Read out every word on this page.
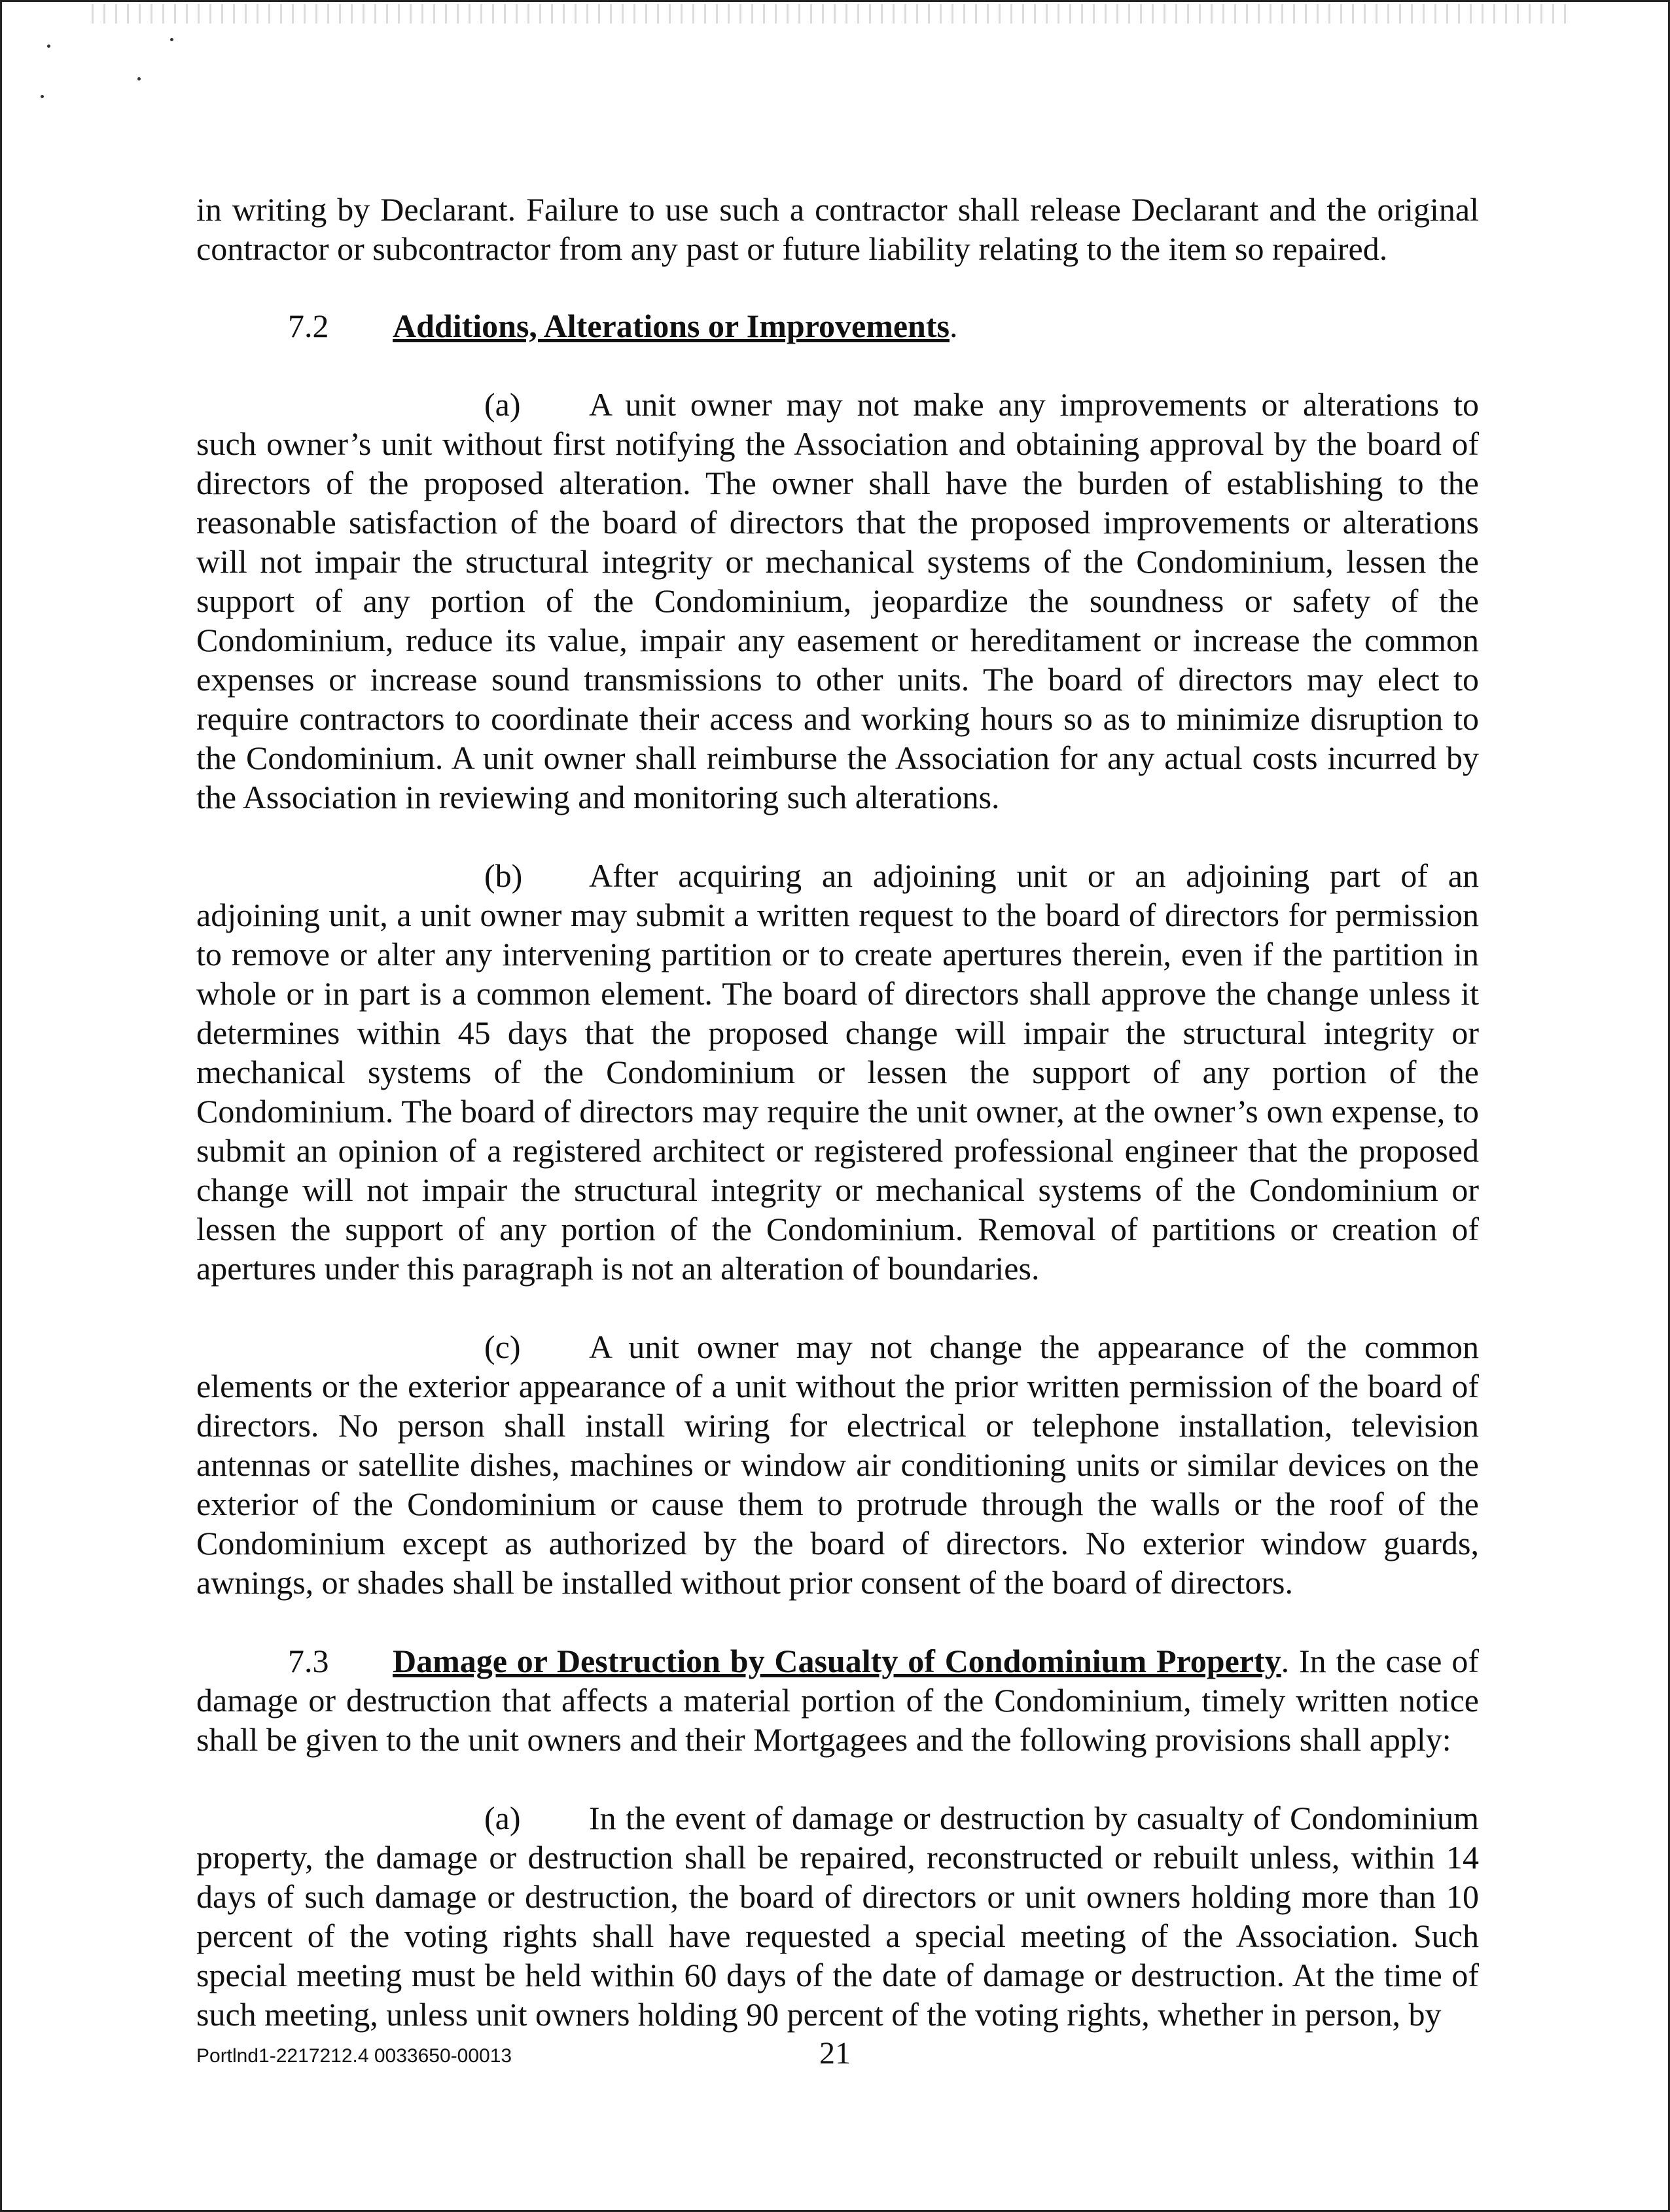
in writing by Declarant. Failure to use such a contractor shall release Declarant and the original contractor or subcontractor from any past or future liability relating to the item so repaired.

7.2 Additions, Alterations or Improvements.

(a) A unit owner may not make any improvements or alterations to such owner’s unit without first notifying the Association and obtaining approval by the board of directors of the proposed alteration. The owner shall have the burden of establishing to the reasonable satisfaction of the board of directors that the proposed improvements or alterations will not impair the structural integrity or mechanical systems of the Condominium, lessen the support of any portion of the Condominium, jeopardize the soundness or safety of the Condominium, reduce its value, impair any easement or hereditament or increase the common expenses or increase sound transmissions to other units. The board of directors may elect to require contractors to coordinate their access and working hours so as to minimize disruption to the Condominium. A unit owner shall reimburse the Association for any actual costs incurred by the Association in reviewing and monitoring such alterations.

(b) After acquiring an adjoining unit or an adjoining part of an adjoining unit, a unit owner may submit a written request to the board of directors for permission to remove or alter any intervening partition or to create apertures therein, even if the partition in whole or in part is a common element. The board of directors shall approve the change unless it determines within 45 days that the proposed change will impair the structural integrity or mechanical systems of the Condominium or lessen the support of any portion of the Condominium. The board of directors may require the unit owner, at the owner’s own expense, to submit an opinion of a registered architect or registered professional engineer that the proposed change will not impair the structural integrity or mechanical systems of the Condominium or lessen the support of any portion of the Condominium. Removal of partitions or creation of apertures under this paragraph is not an alteration of boundaries.

(c) A unit owner may not change the appearance of the common elements or the exterior appearance of a unit without the prior written permission of the board of directors. No person shall install wiring for electrical or telephone installation, television antennas or satellite dishes, machines or window air conditioning units or similar devices on the exterior of the Condominium or cause them to protrude through the walls or the roof of the Condominium except as authorized by the board of directors. No exterior window guards, awnings, or shades shall be installed without prior consent of the board of directors.

7.3 Damage or Destruction by Casualty of Condominium Property. In the case of damage or destruction that affects a material portion of the Condominium, timely written notice shall be given to the unit owners and their Mortgagees and the following provisions shall apply:

(a) In the event of damage or destruction by casualty of Condominium property, the damage or destruction shall be repaired, reconstructed or rebuilt unless, within 14 days of such damage or destruction, the board of directors or unit owners holding more than 10 percent of the voting rights shall have requested a special meeting of the Association. Such special meeting must be held within 60 days of the date of damage or destruction. At the time of such meeting, unless unit owners holding 90 percent of the voting rights, whether in person, by

Portlnd1-2217212.4 0033650-00013	21
